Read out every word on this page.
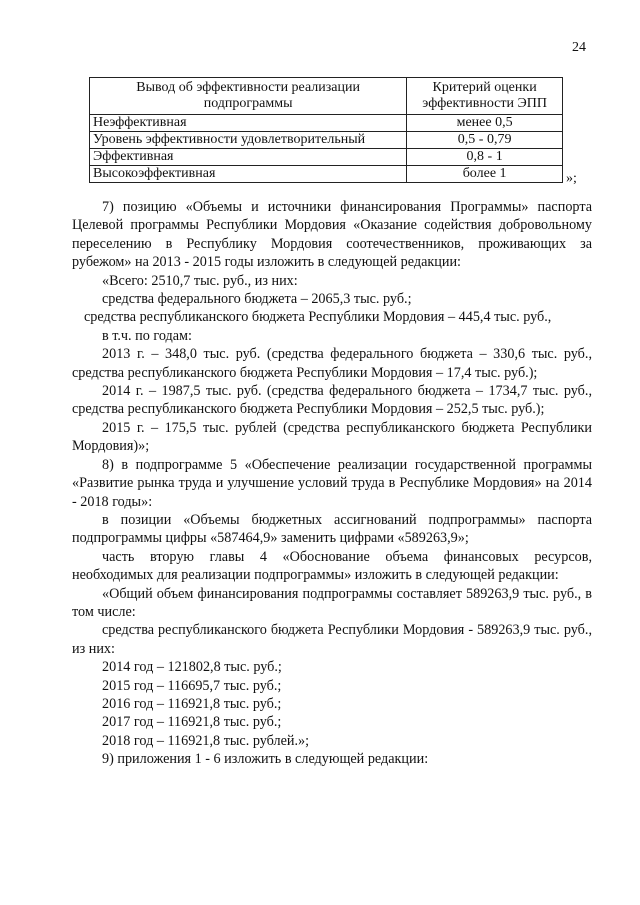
24
Вывод об эффективности реализации подпрограммы	Критерий оценки эффективности ЭПП
Неэффективная	менее 0,5
Уровень эффективности удовлетворительный	0,5 - 0,79
Эффективная	0,8 - 1
Высокоэффективная	более 1	»;

7) позицию «Объемы и источники финансирования Программы» паспорта Целевой программы Республики Мордовия «Оказание содействия добровольному переселению в Республику Мордовия соотечественников, проживающих за рубежом» на 2013 - 2015 годы изложить в следующей редакции:

«Всего: 2510,7 тыс. руб., из них:

средства федерального бюджета – 2065,3 тыс. руб.;

средства республиканского бюджета Республики Мордовия – 445,4 тыс. руб.,

в т.ч. по годам:

2013 г. – 348,0 тыс. руб. (средства федерального бюджета – 330,6 тыс. руб., средства республиканского бюджета Республики Мордовия – 17,4 тыс. руб.);

2014 г. – 1987,5 тыс. руб. (средства федерального бюджета – 1734,7 тыс. руб., средства республиканского бюджета Республики Мордовия – 252,5 тыс. руб.);

2015 г. – 175,5 тыс. рублей (средства республиканского бюджета Республики Мордовия)»;

8) в подпрограмме 5 «Обеспечение реализации государственной программы «Развитие рынка труда и улучшение условий труда в Республике Мордовия» на 2014 - 2018 годы»:

в позиции «Объемы бюджетных ассигнований подпрограммы» паспорта подпрограммы цифры «587464,9» заменить цифрами «589263,9»;

часть вторую главы 4 «Обоснование объема финансовых ресурсов, необходимых для реализации подпрограммы» изложить в следующей редакции:

«Общий объем финансирования подпрограммы составляет 589263,9 тыс. руб., в том числе:

средства республиканского бюджета Республики Мордовия - 589263,9 тыс. руб., из них:

2014 год – 121802,8 тыс. руб.;

2015 год – 116695,7 тыс. руб.;

2016 год – 116921,8 тыс. руб.;

2017 год – 116921,8 тыс. руб.;

2018 год – 116921,8 тыс. рублей.»;

9) приложения 1 - 6 изложить в следующей редакции:
